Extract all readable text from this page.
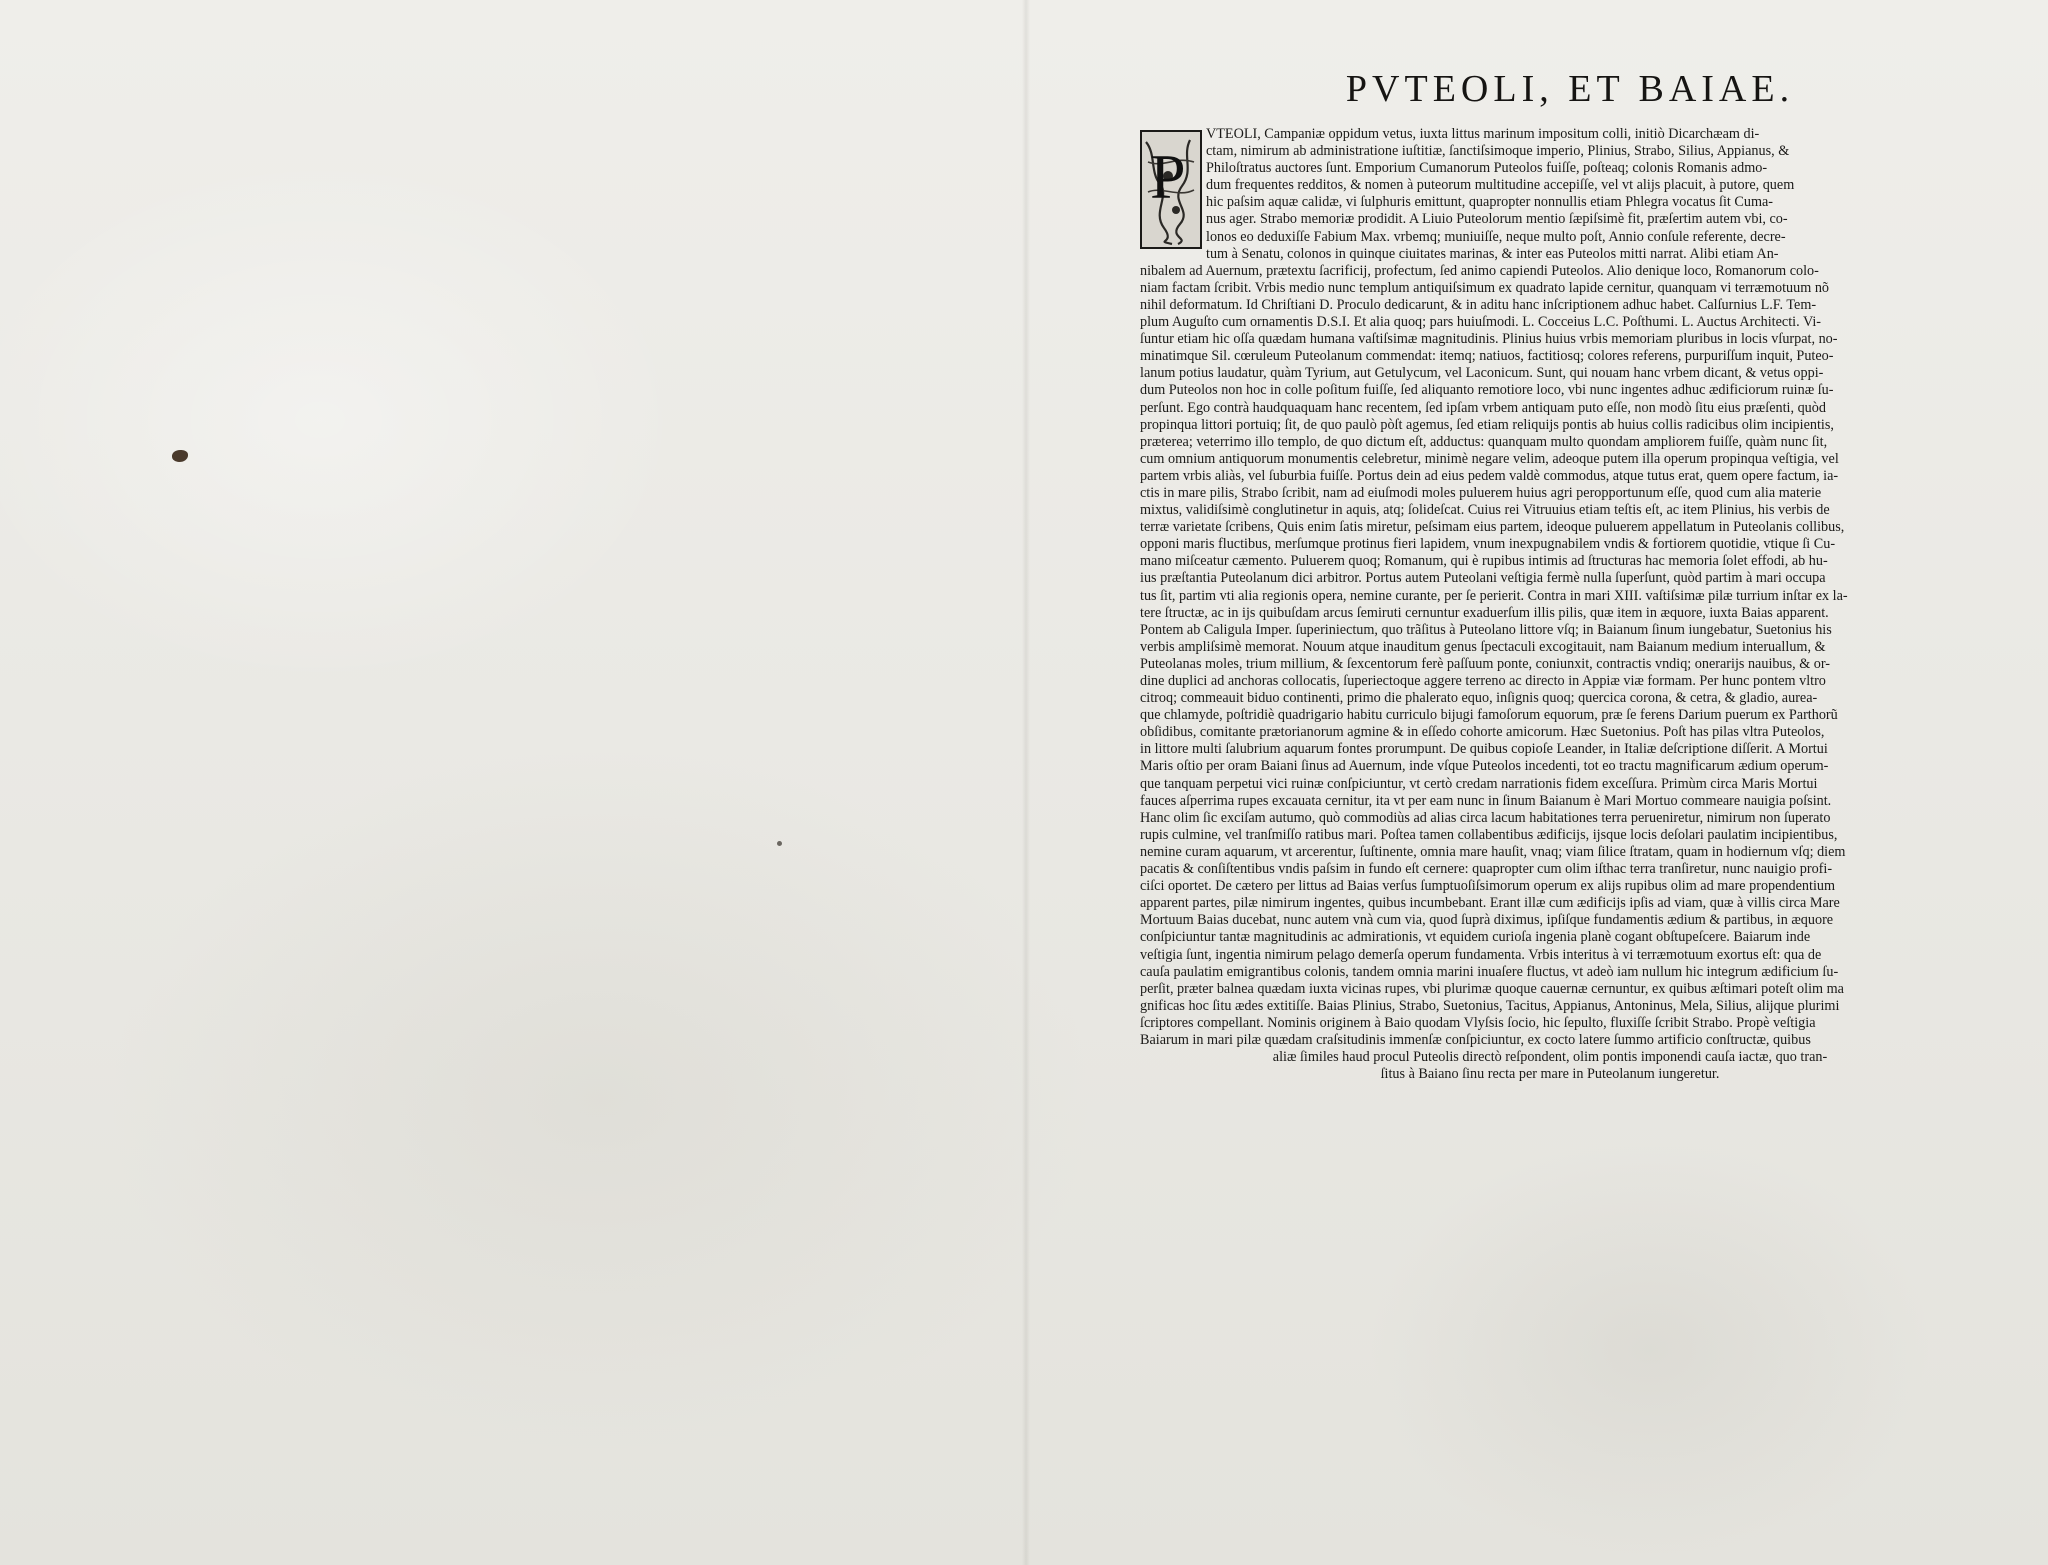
PVTEOLI, ET BAIAE.
P
VTEOLI, Campaniæ oppidum vetus, iuxta littus marinum impositum colli, initiò Dicarchæam di-
ctam, nimirum ab administratione iuſtitiæ, ſanctiſsimoque imperio, Plinius, Strabo, Silius, Appianus, &
Philoſtratus auctores ſunt. Emporium Cumanorum Puteolos fuiſſe, poſteaq; colonis Romanis admo-
dum frequentes redditos, & nomen à puteorum multitudine accepiſſe, vel vt alijs placuit, à putore, quem
hic paſsim aquæ calidæ, vi ſulphuris emittunt, quapropter nonnullis etiam Phlegra vocatus ſit Cuma-
nus ager. Strabo memoriæ prodidit. A Liuio Puteolorum mentio ſæpiſsimè fit, præſertim autem vbi, co-
lonos eo deduxiſſe Fabium Max. vrbemq; muniuiſſe, neque multo poſt, Annio conſule referente, decre-
tum à Senatu, colonos in quinque ciuitates marinas, & inter eas Puteolos mitti narrat. Alibi etiam An-
nibalem ad Auernum, prætextu ſacrificij, profectum, ſed animo capiendi Puteolos. Alio denique loco, Romanorum colo-
niam factam ſcribit. Vrbis medio nunc templum antiquiſsimum ex quadrato lapide cernitur, quanquam vi terræmotuum nõ
nihil deformatum. Id Chriſtiani D. Proculo dedicarunt, & in aditu hanc inſcriptionem adhuc habet. Calſurnius L.F. Tem-
plum Auguſto cum ornamentis D.S.I. Et alia quoq; pars huiuſmodi. L. Cocceius L.C. Poſthumi. L. Auctus Architecti. Vi-
ſuntur etiam hic oſſa quædam humana vaſtiſsimæ magnitudinis. Plinius huius vrbis memoriam pluribus in locis vſurpat, no-
minatimque Sil. cœruleum Puteolanum commendat: itemq; natiuos, factitiosq; colores referens, purpuriſſum inquit, Puteo-
lanum potius laudatur, quàm Tyrium, aut Getulycum, vel Laconicum. Sunt, qui nouam hanc vrbem dicant, & vetus oppi-
dum Puteolos non hoc in colle poſitum fuiſſe, ſed aliquanto remotiore loco, vbi nunc ingentes adhuc ædificiorum ruinæ ſu-
perſunt. Ego contrà haudquaquam hanc recentem, ſed ipſam vrbem antiquam puto eſſe, non modò ſitu eius præſenti, quòd
propinqua littori portuiq; ſit, de quo paulò pòſt agemus, ſed etiam reliquijs pontis ab huius collis radicibus olim incipientis,
præterea; veterrimo illo templo, de quo dictum eſt, adductus: quanquam multo quondam ampliorem fuiſſe, quàm nunc ſit,
cum omnium antiquorum monumentis celebretur, minimè negare velim, adeoque putem illa operum propinqua veſtigia, vel
partem vrbis aliàs, vel ſuburbia fuiſſe. Portus dein ad eius pedem valdè commodus, atque tutus erat, quem opere factum, ia-
ctis in mare pilis, Strabo ſcribit, nam ad eiuſmodi moles puluerem huius agri peropportunum eſſe, quod cum alia materie
mixtus, validiſsimè conglutinetur in aquis, atq; ſolideſcat. Cuius rei Vitruuius etiam teſtis eſt, ac item Plinius, his verbis de
terræ varietate ſcribens, Quis enim ſatis miretur, peſsimam eius partem, ideoque puluerem appellatum in Puteolanis collibus,
opponi maris fluctibus, merſumque protinus fieri lapidem, vnum inexpugnabilem vndis & fortiorem quotidie, vtique ſi Cu-
mano miſceatur cæmento. Puluerem quoq; Romanum, qui è rupibus intimis ad ſtructuras hac memoria ſolet effodi, ab hu-
ius præſtantia Puteolanum dici arbitror. Portus autem Puteolani veſtigia fermè nulla ſuperſunt, quòd partim à mari occupa
tus ſit, partim vti alia regionis opera, nemine curante, per ſe perierit. Contra in mari XIII. vaſtiſsimæ pilæ turrium inſtar ex la-
tere ſtructæ, ac in ijs quibuſdam arcus ſemiruti cernuntur exaduerſum illis pilis, quæ item in æquore, iuxta Baias apparent.
Pontem ab Caligula Imper. ſuperiniectum, quo trãſitus à Puteolano littore vſq; in Baianum ſinum iungebatur, Suetonius his
verbis ampliſsimè memorat. Nouum atque inauditum genus ſpectaculi excogitauit, nam Baianum medium interuallum, &
Puteolanas moles, trium millium, & ſexcentorum ferè paſſuum ponte, coniunxit, contractis vndiq; onerarijs nauibus, & or-
dine duplici ad anchoras collocatis, ſuperiectoque aggere terreno ac directo in Appiæ viæ formam. Per hunc pontem vltro
citroq; commeauit biduo continenti, primo die phalerato equo, inſignis quoq; quercica corona, & cetra, & gladio, aurea-
que chlamyde, poſtridiè quadrigario habitu curriculo bijugi famoſorum equorum, præ ſe ferens Darium puerum ex Parthorũ
obſidibus, comitante prætorianorum agmine & in eſſedo cohorte amicorum. Hæc Suetonius. Poſt has pilas vltra Puteolos,
in littore multi ſalubrium aquarum fontes prorumpunt. De quibus copioſe Leander, in Italiæ deſcriptione diſſerit. A Mortui
Maris oſtio per oram Baiani ſinus ad Auernum, inde vſque Puteolos incedenti, tot eo tractu magnificarum ædium operum-
que tanquam perpetui vici ruinæ conſpiciuntur, vt certò credam narrationis fidem exceſſura. Primùm circa Maris Mortui
fauces aſperrima rupes excauata cernitur, ita vt per eam nunc in ſinum Baianum è Mari Mortuo commeare nauigia poſsint.
Hanc olim ſic exciſam autumo, quò commodiùs ad alias circa lacum habitationes terra perueniretur, nimirum non ſuperato
rupis culmine, vel tranſmiſſo ratibus mari. Poſtea tamen collabentibus ædificijs, ijsque locis deſolari paulatim incipientibus,
nemine curam aquarum, vt arcerentur, ſuſtinente, omnia mare hauſit, vnaq; viam ſilice ſtratam, quam in hodiernum vſq; diem
pacatis & conſiſtentibus vndis paſsim in fundo eſt cernere: quapropter cum olim iſthac terra tranſiretur, nunc nauigio profi-
ciſci oportet. De cætero per littus ad Baias verſus ſumptuoſiſsimorum operum ex alijs rupibus olim ad mare propendentium
apparent partes, pilæ nimirum ingentes, quibus incumbebant. Erant illæ cum ædificijs ipſis ad viam, quæ à villis circa Mare
Mortuum Baias ducebat, nunc autem vnà cum via, quod ſuprà diximus, ipſiſque fundamentis ædium & partibus, in æquore
conſpiciuntur tantæ magnitudinis ac admirationis, vt equidem curioſa ingenia planè cogant obſtupeſcere. Baiarum inde
veſtigia ſunt, ingentia nimirum pelago demerſa operum fundamenta. Vrbis interitus à vi terræmotuum exortus eſt: qua de
cauſa paulatim emigrantibus colonis, tandem omnia marini inuaſere fluctus, vt adeò iam nullum hic integrum ædificium ſu-
perſit, præter balnea quædam iuxta vicinas rupes, vbi plurimæ quoque cauernæ cernuntur, ex quibus æſtimari poteſt olim ma
gnificas hoc ſitu ædes extitiſſe. Baias Plinius, Strabo, Suetonius, Tacitus, Appianus, Antoninus, Mela, Silius, alijque plurimi
ſcriptores compellant. Nominis originem à Baio quodam Vlyſsis ſocio, hic ſepulto, fluxiſſe ſcribit Strabo. Propè veſtigia
Baiarum in mari pilæ quædam craſsitudinis immenſæ conſpiciuntur, ex cocto latere ſummo artificio conſtructæ, quibus
aliæ ſimiles haud procul Puteolis directò reſpondent, olim pontis imponendi cauſa iactæ, quo tran-
ſitus à Baiano ſinu recta per mare in Puteolanum iungeretur.
